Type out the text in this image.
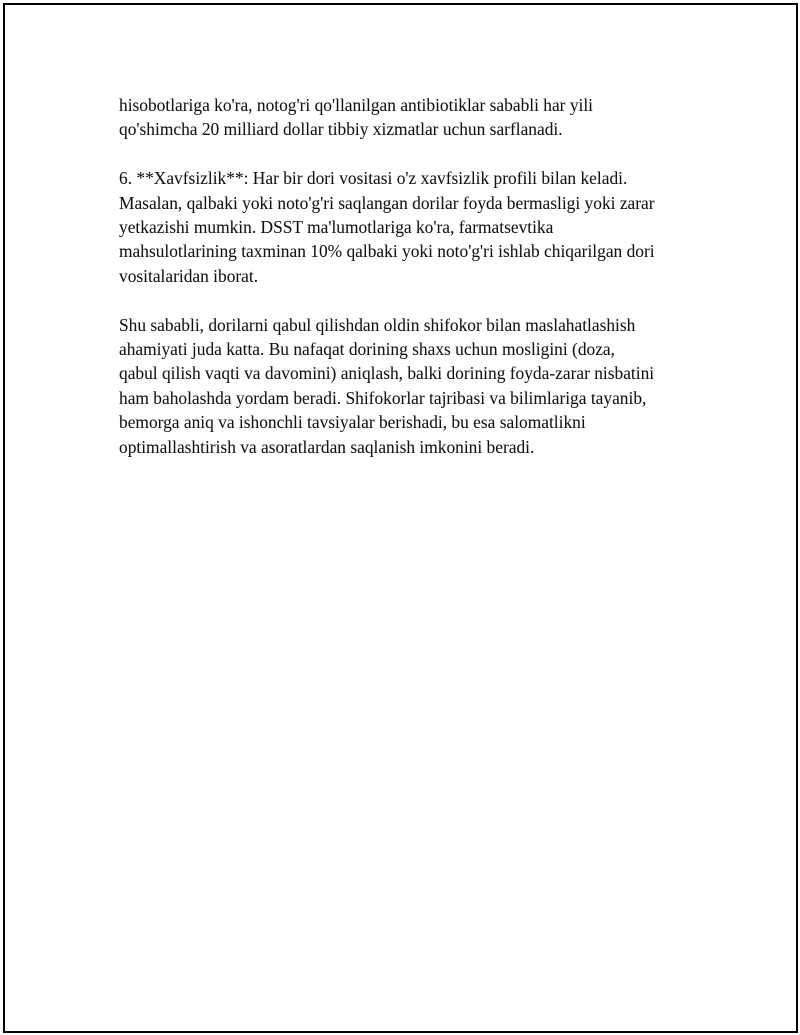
hisobotlariga ko'ra, notog'ri qo'llanilgan antibiotiklar sababli har yili
qo'shimcha 20 milliard dollar tibbiy xizmatlar uchun sarflanadi.

6. **Xavfsizlik**: Har bir dori vositasi o'z xavfsizlik profili bilan keladi.
Masalan, qalbaki yoki noto'g'ri saqlangan dorilar foyda bermasligi yoki zarar
yetkazishi mumkin. DSST ma'lumotlariga ko'ra, farmatsevtika
mahsulotlarining taxminan 10% qalbaki yoki noto'g'ri ishlab chiqarilgan dori
vositalaridan iborat.

Shu sababli, dorilarni qabul qilishdan oldin shifokor bilan maslahatlashish
ahamiyati juda katta. Bu nafaqat dorining shaxs uchun mosligini (doza,
qabul qilish vaqti va davomini) aniqlash, balki dorining foyda-zarar nisbatini
ham baholashda yordam beradi. Shifokorlar tajribasi va bilimlariga tayanib,
bemorga aniq va ishonchli tavsiyalar berishadi, bu esa salomatlikni
optimallashtirish va asoratlardan saqlanish imkonini beradi.
